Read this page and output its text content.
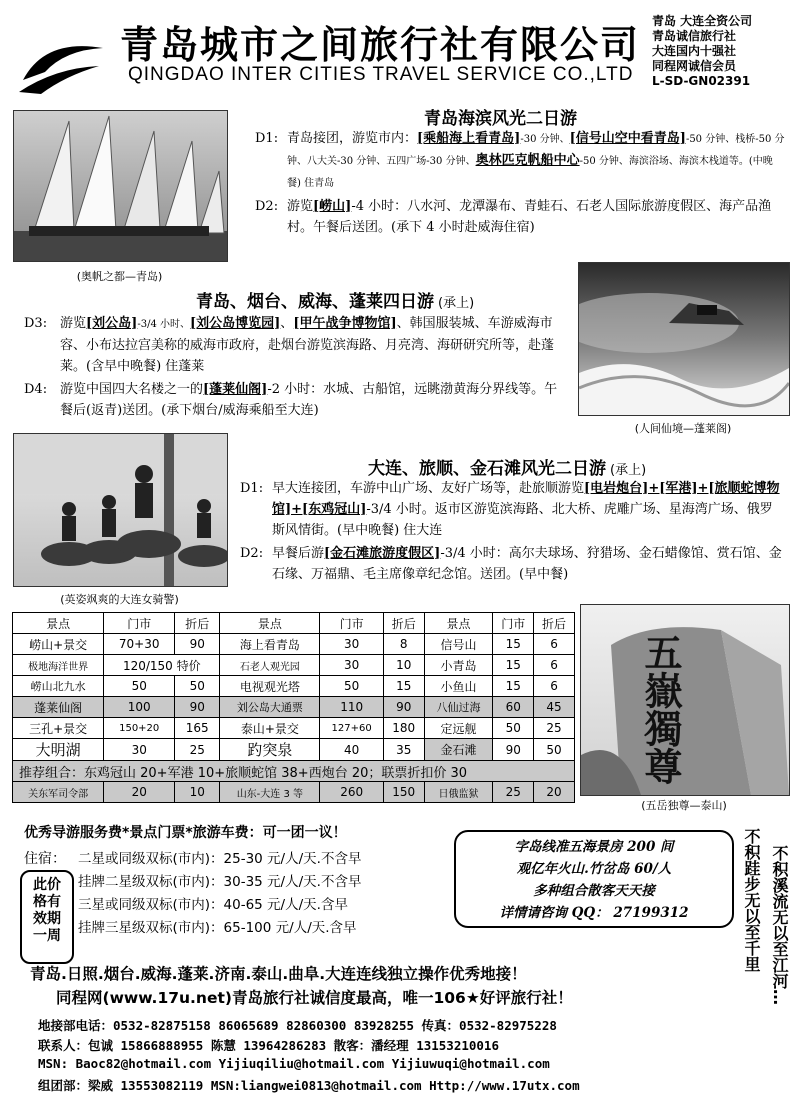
青岛城市之间旅行社有限公司
QINGDAO INTER CITIES TRAVEL SERVICE CO.,LTD
青岛 大连全资公司
青岛诚信旅行社
大连国内十强社
同程网诚信会员
L-SD-GN02391
(奥帆之都—青岛)
青岛海滨风光二日游
D1: 青岛接团，游览市内：[乘船海上看青岛]-30 分钟、[信号山空中看青岛]-50 分钟、栈桥-50 分钟、八大关-30 分钟、五四广场-30 分钟、奥林匹克帆船中心-50 分钟、海滨浴场、海滨木栈道等。(中晚餐) 住青岛
D2: 游览[崂山]-4 小时：八水河、龙潭瀑布、青蛙石、石老人国际旅游度假区、海产品渔村。午餐后送团。(承下 4 小时赴威海住宿)
青岛、烟台、威海、蓬莱四日游 (承上)
D3: 游览[刘公岛]-3/4 小时、[刘公岛博览园]、[甲午战争博物馆]、韩国服装城、车游威海市容、小布达拉宫美称的威海市政府，赴烟台游览滨海路、月亮湾、海研研究所等，赴蓬莱。(含早中晚餐) 住蓬莱
D4: 游览中国四大名楼之一的[蓬莱仙阁]-2 小时：水城、古船馆，远眺渤黄海分界线等。午餐后(返青)送团。(承下烟台/威海乘船至大连)
(人间仙境—蓬莱阁)
(英姿飒爽的大连女骑警)
大连、旅顺、金石滩风光二日游 (承上)
D1: 早大连接团，车游中山广场、友好广场等，赴旅顺游览[电岩炮台]+[军港]+[旅顺蛇博物馆]+[东鸡冠山]-3/4 小时。返市区游览滨海路、北大桥、虎雕广场、星海湾广场、俄罗斯风情街。(早中晚餐) 住大连
D2: 早餐后游[金石滩旅游度假区]-3/4 小时：高尔夫球场、狩猎场、金石蜡像馆、赏石馆、金石缘、万福鼎、毛主席像章纪念馆。送团。(早中餐)
景点	门市	折后	景点	门市	折后	景点	门市	折后
崂山+景交	70+30	90	海上看青岛	30	8	信号山	15	6
极地海洋世界	120/150 特价		石老人观光园	30	10	小青岛	15	6
崂山北九水	50	50	电视观光塔	50	15	小鱼山	15	6
蓬莱仙阁	100	90	刘公岛大通票	110	90	八仙过海	60	45
三孔+景交	150+20	165	泰山+景交	127+60	180	定远舰	50	25
大明湖	30	25	趵突泉	40	35	金石滩	90	50
推荐组合：东鸡冠山 20+军港 10+旅顺蛇馆 38+西炮台 20；联票折扣价 30								
关东军司令部	20	10	山东-大连 3 等	260	150	日俄监狱	25	20
五嶽獨尊
(五岳独尊—泰山)
优秀导游服务费*景点门票*旅游车费：可一团一议！
住宿：
此价格有效期一周
二星或同级双标(市内)：25-30 元/人/天.不含早
挂牌二星级双标(市内)：30-35 元/人/天.不含早
三星或同级双标(市内)：40-65 元/人/天.含早
挂牌三星级双标(市内)：65-100 元/人/天.含早
字岛线准五海景房 200 间
观亿年火山.竹岔岛 60/人
多种组合散客天天接
详情请咨询 QQ： 27199312	不积跬步无以至千里 不积溪流无以至江河…
青岛.日照.烟台.威海.蓬莱.济南.泰山.曲阜.大连连线独立操作优秀地接！
同程网(www.17u.net)青岛旅行社诚信度最高，唯一106★好评旅行社！
地接部电话：0532-82875158 86065689 82860300 83928255 传真：0532-82975228
联系人：包诚 15866888955 陈慧 13964286283 散客：潘经理 13153210016
MSN: Baoc82@hotmail.com Yijiuqiliu@hotmail.com Yijiuwuqi@hotmail.com
组团部：梁威 13553082119 MSN:liangwei0813@hotmail.com Http://www.17utx.com
